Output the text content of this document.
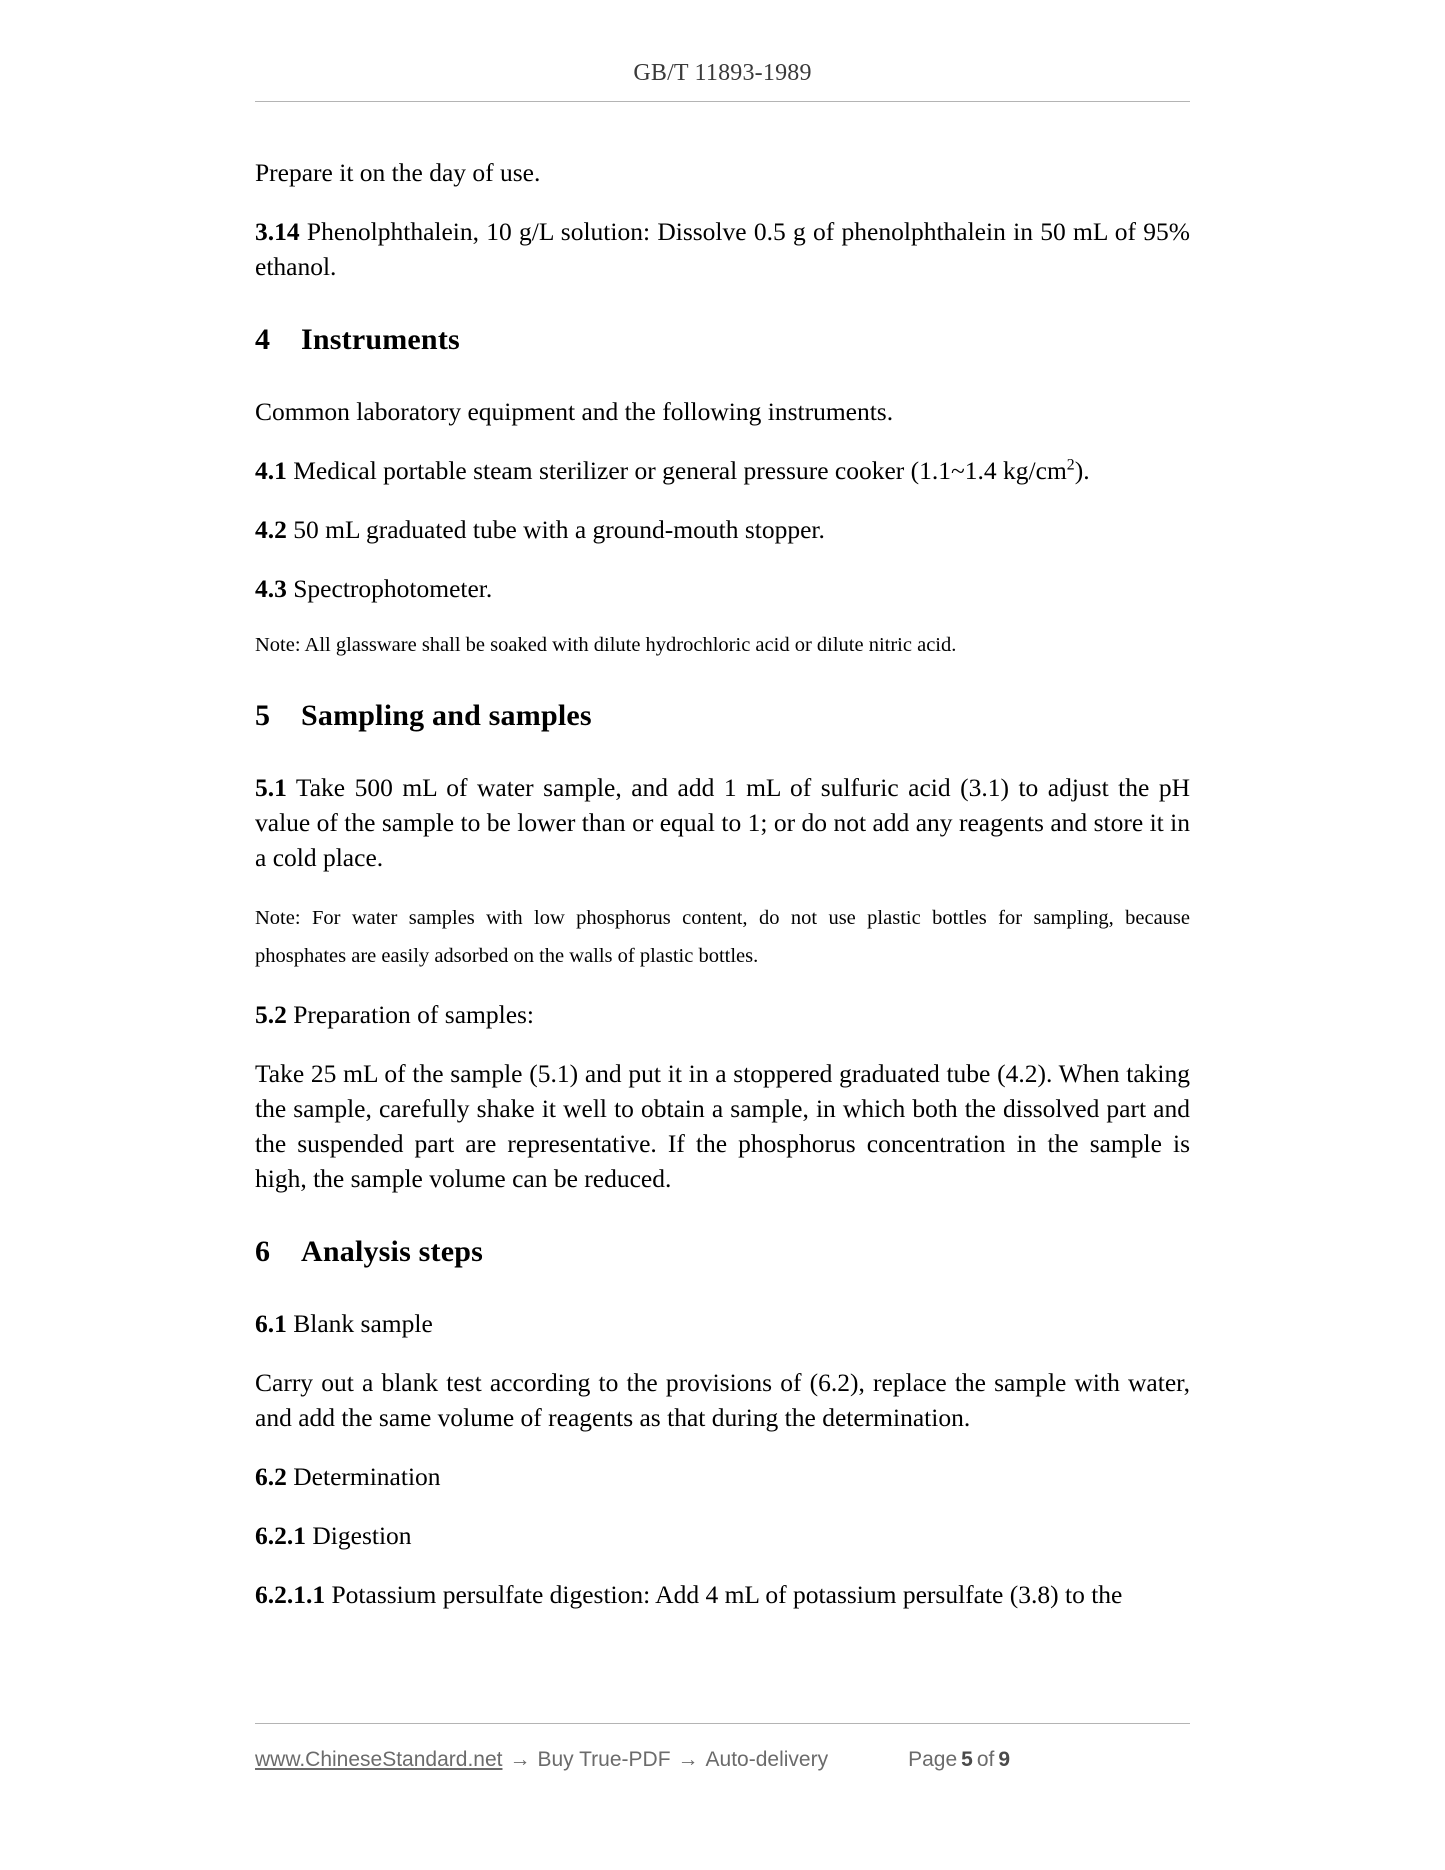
GB/T 11893-1989

Prepare it on the day of use.

3.14 Phenolphthalein, 10 g/L solution: Dissolve 0.5 g of phenolphthalein in 50 mL of 95% ethanol.

4 Instruments

Common laboratory equipment and the following instruments.

4.1 Medical portable steam sterilizer or general pressure cooker (1.1~1.4 $kg/cm^2$).

4.2 50 mL graduated tube with a ground-mouth stopper.

4.3 Spectrophotometer.

Note: All glassware shall be soaked with dilute hydrochloric acid or dilute nitric acid.

5 Sampling and samples

5.1 Take 500 mL of water sample, and add 1 mL of sulfuric acid (3.1) to adjust the pH value of the sample to be lower than or equal to 1; or do not add any reagents and store it in a cold place.

Note: For water samples with low phosphorus content, do not use plastic bottles for sampling, because phosphates are easily adsorbed on the walls of plastic bottles.

5.2 Preparation of samples:

Take 25 mL of the sample (5.1) and put it in a stoppered graduated tube (4.2). When taking the sample, carefully shake it well to obtain a sample, in which both the dissolved part and the suspended part are representative. If the phosphorus concentration in the sample is high, the sample volume can be reduced.

6 Analysis steps

6.1 Blank sample

Carry out a blank test according to the provisions of (6.2), replace the sample with water, and add the same volume of reagents as that during the determination.

6.2 Determination

6.2.1 Digestion

6.2.1.1 Potassium persulfate digestion: Add 4 mL of potassium persulfate (3.8) to the

www.ChineseStandard.net → Buy True-PDF → Auto-delivery	Page 5 of 9
